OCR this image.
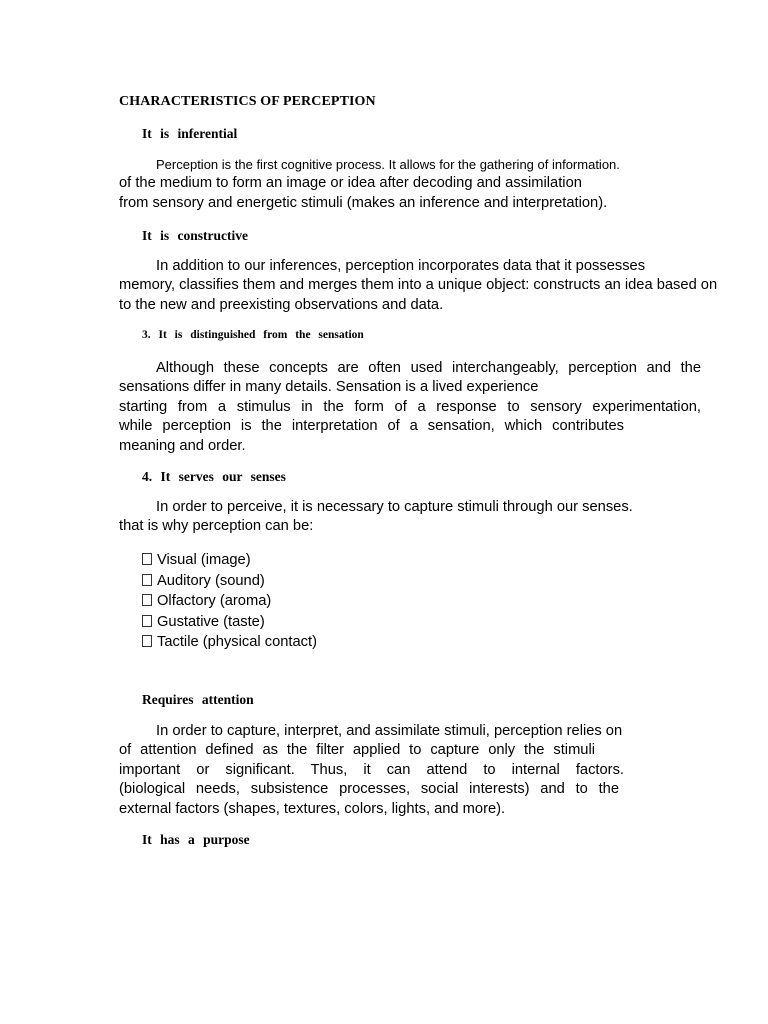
CHARACTERISTICS OF PERCEPTION
It is inferential
Perception is the first cognitive process. It allows for the gathering of information.
of the medium to form an image or idea after decoding and assimilation
from sensory and energetic stimuli (makes an inference and interpretation).
It is constructive
In addition to our inferences, perception incorporates data that it possesses
memory, classifies them and merges them into a unique object: constructs an idea based on
to the new and preexisting observations and data.
3. It is distinguished from the sensation
Although these concepts are often used interchangeably, perception and the
sensations differ in many details. Sensation is a lived experience
starting from a stimulus in the form of a response to sensory experimentation,
while perception is the interpretation of a sensation, which contributes
meaning and order.
4. It serves our senses
In order to perceive, it is necessary to capture stimuli through our senses.
that is why perception can be:
Visual (image)
Auditory (sound)
Olfactory (aroma)
Gustative (taste)
Tactile (physical contact)
Requires attention
In order to capture, interpret, and assimilate stimuli, perception relies on
of attention defined as the filter applied to capture only the stimuli
important or significant. Thus, it can attend to internal factors.
(biological needs, subsistence processes, social interests) and to the
external factors (shapes, textures, colors, lights, and more).
It has a purpose
